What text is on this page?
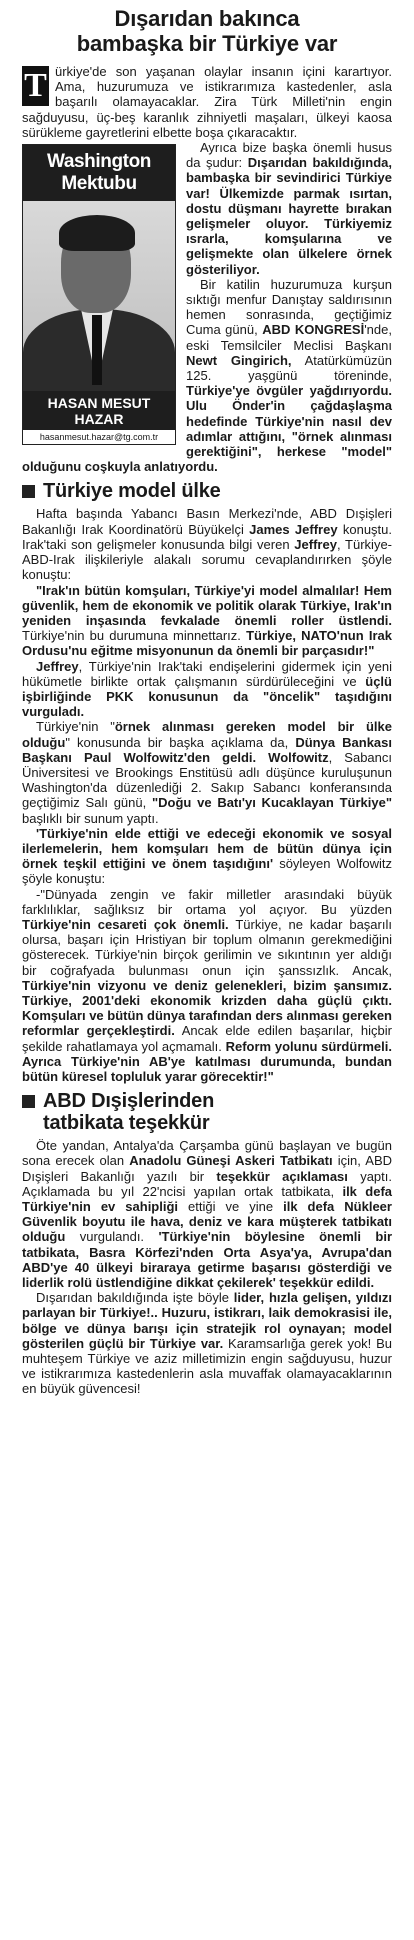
Dışarıdan bakınca
bambaşka bir Türkiye var
T ürkiye'de son yaşanan olaylar insanın içini karartıyor. Ama, huzurumuza ve istikrarımıza kastedenler, asla başarılı olamayacaklar. Zira Türk Milleti'nin engin sağduyusu, üç-beş karanlık zihniyetli maşaları, ülkeyi kaosa sürükleme gayretlerini elbette boşa çıkaracaktır.
Washington
Mektubu
HASAN MESUT
HAZAR
hasanmesut.hazar@tg.com.tr

Ayrıca bize başka önemli husus da şudur: Dışarıdan bakıldığında, bambaşka bir sevindirici Türkiye var! Ülkemizde parmak ısırtan, dostu düşmanı hayrette bırakan gelişmeler oluyor. Türkiyemiz ısrarla, komşularına ve gelişmekte olan ülkelere örnek gösteriliyor.

Bir katilin huzurumuza kurşun sıktığı menfur Danıştay saldırısının hemen sonrasında, geçtiğimiz Cuma günü, ABD KONGRESİ'nde, eski Temsilciler Meclisi Başkanı Newt Gingirich, Atatürkümüzün 125. yaşgünü töreninde, Türkiye'ye övgüler yağdırıyordu. Ulu Önder'in çağdaşlaşma hedefinde Türkiye'nin nasıl dev adımlar attığını, "örnek alınması gerektiğini", herkese "model" olduğunu coşkuyla anlatıyordu.

Türkiye model ülke

Hafta başında Yabancı Basın Merkezi'nde, ABD Dışişleri Bakanlığı Irak Koordinatörü Büyükelçi James Jeffrey konuştu. Irak'taki son gelişmeler konusunda bilgi veren Jeffrey, Türkiye-ABD-Irak ilişkileriyle alakalı sorumu cevaplandırırken şöyle konuştu:

"Irak'ın bütün komşuları, Türkiye'yi model almalılar! Hem güvenlik, hem de ekonomik ve politik olarak Türkiye, Irak'ın yeniden inşasında fevkalade önemli roller üstlendi. Türkiye'nin bu durumuna minnettarız. Türkiye, NATO'nun Irak Ordusu'nu eğitme misyonunun da önemli bir parçasıdır!"

Jeffrey, Türkiye'nin Irak'taki endişelerini gidermek için yeni hükümetle birlikte ortak çalışmanın sürdürüleceğini ve üçlü işbirliğinde PKK konusunun da "öncelik" taşıdığını vurguladı.

Türkiye'nin "örnek alınması gereken model bir ülke olduğu" konusunda bir başka açıklama da, Dünya Bankası Başkanı Paul Wolfowitz'den geldi. Wolfowitz, Sabancı Üniversitesi ve Brookings Enstitüsü adlı düşünce kuruluşunun Washington'da düzenlediği 2. Sakıp Sabancı konferansında geçtiğimiz Salı günü, "Doğu ve Batı'yı Kucaklayan Türkiye" başlıklı bir sunum yaptı.

'Türkiye'nin elde ettiği ve edeceği ekonomik ve sosyal ilerlemelerin, hem komşuları hem de bütün dünya için örnek teşkil ettiğini ve önem taşıdığını' söyleyen Wolfowitz şöyle konuştu:

-"Dünyada zengin ve fakir milletler arasındaki büyük farklılıklar, sağlıksız bir ortama yol açıyor. Bu yüzden Türkiye'nin cesareti çok önemli. Türkiye, ne kadar başarılı olursa, başarı için Hristiyan bir toplum olmanın gerekmediğini gösterecek. Türkiye'nin birçok gerilimin ve sıkıntının yer aldığı bir coğrafyada bulunması onun için şanssızlık. Ancak, Türkiye'nin vizyonu ve deniz gelenekleri, bizim şansımız. Türkiye, 2001'deki ekonomik krizden daha güçlü çıktı. Komşuları ve bütün dünya tarafından ders alınması gereken reformlar gerçekleştirdi. Ancak elde edilen başarılar, hiçbir şekilde rahatlamaya yol açmamalı. Reform yolunu sürdürmeli. Ayrıca Türkiye'nin AB'ye katılması durumunda, bundan bütün küresel topluluk yarar görecektir!"

ABD Dışişlerinden
tatbikata teşekkür

Öte yandan, Antalya'da Çarşamba günü başlayan ve bugün sona erecek olan Anadolu Güneşi Askeri Tatbikatı için, ABD Dışişleri Bakanlığı yazılı bir teşekkür açıklaması yaptı. Açıklamada bu yıl 22'ncisi yapılan ortak tatbikata, ilk defa Türkiye'nin ev sahipliği ettiği ve yine ilk defa Nükleer Güvenlik boyutu ile hava, deniz ve kara müşterek tatbikatı olduğu vurgulandı. 'Türkiye'nin böylesine önemli bir tatbikata, Basra Körfezi'nden Orta Asya'ya, Avrupa'dan ABD'ye 40 ülkeyi biraraya getirme başarısı gösterdiği ve liderlik rolü üstlendiğine dikkat çekilerek' teşekkür edildi.

Dışarıdan bakıldığında işte böyle lider, hızla gelişen, yıldızı parlayan bir Türkiye!.. Huzuru, istikrarı, laik demokrasisi ile, bölge ve dünya barışı için stratejik rol oynayan; model gösterilen güçlü bir Türkiye var. Karamsarlığa gerek yok! Bu muhteşem Türkiye ve aziz milletimizin engin sağduyusu, huzur ve istikrarımıza kastedenlerin asla muvaffak olamayacaklarının en büyük güvencesi!
